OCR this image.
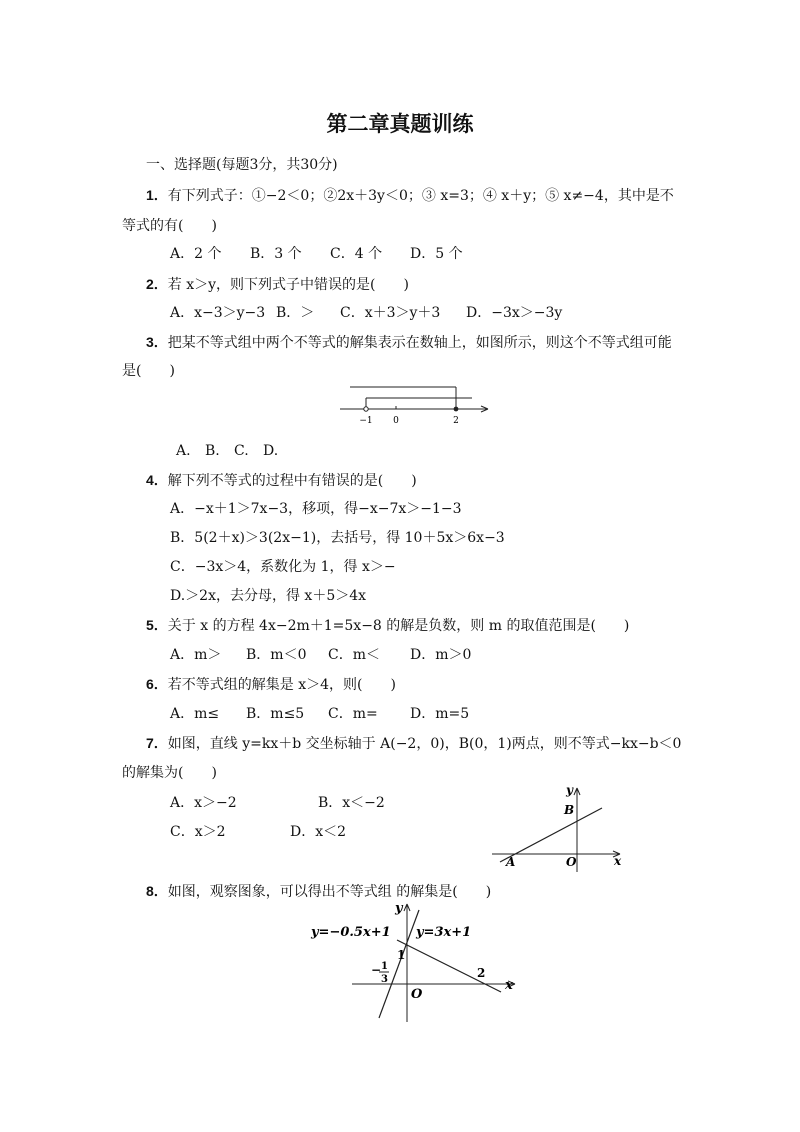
第二章真题训练
一、选择题(每题3分，共30分)
1．有下列式子：①−2＜0；②2x＋3y＜0；③ x=3；④ x＋y；⑤ x≠−4，其中是不
等式的有(　　)
A．2 个 B．3 个 C．4 个 D．5 个
2．若 x＞y，则下列式子中错误的是(　　)
A．x−3＞y−3 B．＞ C．x＋3＞y＋3 D．−3x＞−3y
3．把某不等式组中两个不等式的解集表示在数轴上，如图所示，则这个不等式组可能
是(　　)
−1 0	2
A. B. C. D.
4．解下列不等式的过程中有错误的是(　　)
A．−x＋1＞7x−3，移项，得−x−7x＞−1−3
B．5(2＋x)＞3(2x−1)，去括号，得 10＋5x＞6x−3
C．−3x＞4，系数化为 1，得 x＞−
D.＞2x，去分母，得 x＋5＞4x
5．关于 x 的方程 4x−2m＋1=5x−8 的解是负数，则 m 的取值范围是(　　)
A．m＞ B．m＜0 C．m＜ D．m＞0
6．若不等式组的解集是 x＞4，则(　　)
A．m≤ B．m≤5 C．m= D．m=5
7．如图，直线 y=kx＋b 交坐标轴于 A(−2，0)，B(0，1)两点，则不等式−kx−b＜0
的解集为(　　)
A．x＞−2	B．x＜−2
C．x＞2	D．x＜2
y
B
A	O	x
8．如图，观察图象，可以得出不等式组 的解集是(　　)
y
y=−0.5x+1 y=3x+1
1
2
− 1
3
O
x
